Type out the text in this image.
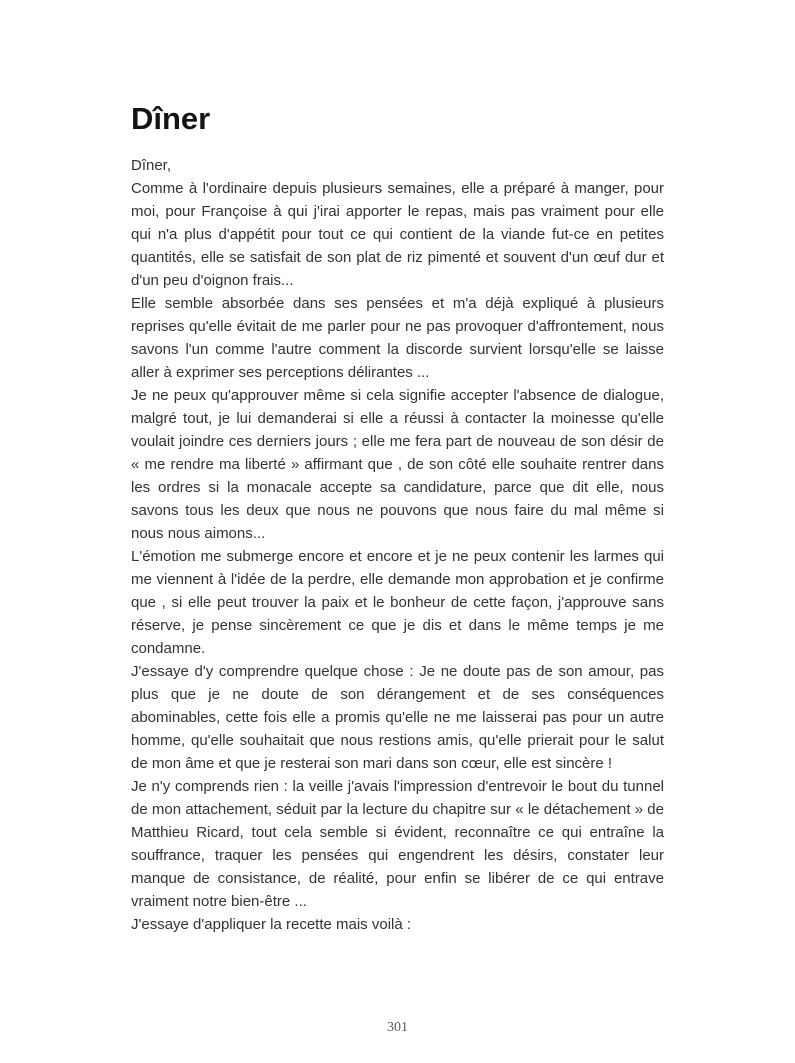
Dîner

Dîner,

Comme à l'ordinaire depuis plusieurs semaines, elle a préparé à manger, pour moi, pour Françoise à qui j'irai apporter le repas, mais pas vraiment pour elle qui n'a plus d'appétit pour tout ce qui contient de la viande fut-ce en petites quantités, elle se satisfait de son plat de riz pimenté et souvent d'un œuf dur et d'un peu d'oignon frais...

Elle semble absorbée dans ses pensées et m'a déjà expliqué à plusieurs reprises qu'elle évitait de me parler pour ne pas provoquer d'affrontement, nous savons l'un comme l'autre comment la discorde survient lorsqu'elle se laisse aller à exprimer ses perceptions délirantes ...

Je ne peux qu'approuver même si cela signifie accepter l'absence de dialogue, malgré tout, je lui demanderai si elle a réussi à contacter la moinesse qu'elle voulait joindre ces derniers jours ; elle me fera part de nouveau de son désir de « me rendre ma liberté » affirmant que , de son côté elle souhaite rentrer dans les ordres si la monacale accepte sa candidature, parce que dit elle, nous savons tous les deux que nous ne pouvons que nous faire du mal même si nous nous aimons...

L'émotion me submerge encore et encore et je ne peux contenir les larmes qui me viennent à l'idée de la perdre, elle demande mon approbation et je confirme que , si elle peut trouver la paix et le bonheur de cette façon, j'approuve sans réserve, je pense sincèrement ce que je dis et dans le même temps je me condamne.

J'essaye d'y comprendre quelque chose : Je ne doute pas de son amour, pas plus que je ne doute de son dérangement et de ses conséquences abominables, cette fois elle a promis qu'elle ne me laisserai pas pour un autre homme, qu'elle souhaitait que nous restions amis, qu'elle prierait pour le salut de mon âme et que je resterai son mari dans son cœur, elle est sincère !

Je n'y comprends rien : la veille j'avais l'impression d'entrevoir le bout du tunnel de mon attachement, séduit par la lecture du chapitre sur « le détachement » de Matthieu Ricard, tout cela semble si évident, reconnaître ce qui entraîne la souffrance, traquer les pensées qui engendrent les désirs, constater leur manque de consistance, de réalité, pour enfin se libérer de ce qui entrave vraiment notre bien-être ...

J'essaye d'appliquer la recette mais voilà :

301
